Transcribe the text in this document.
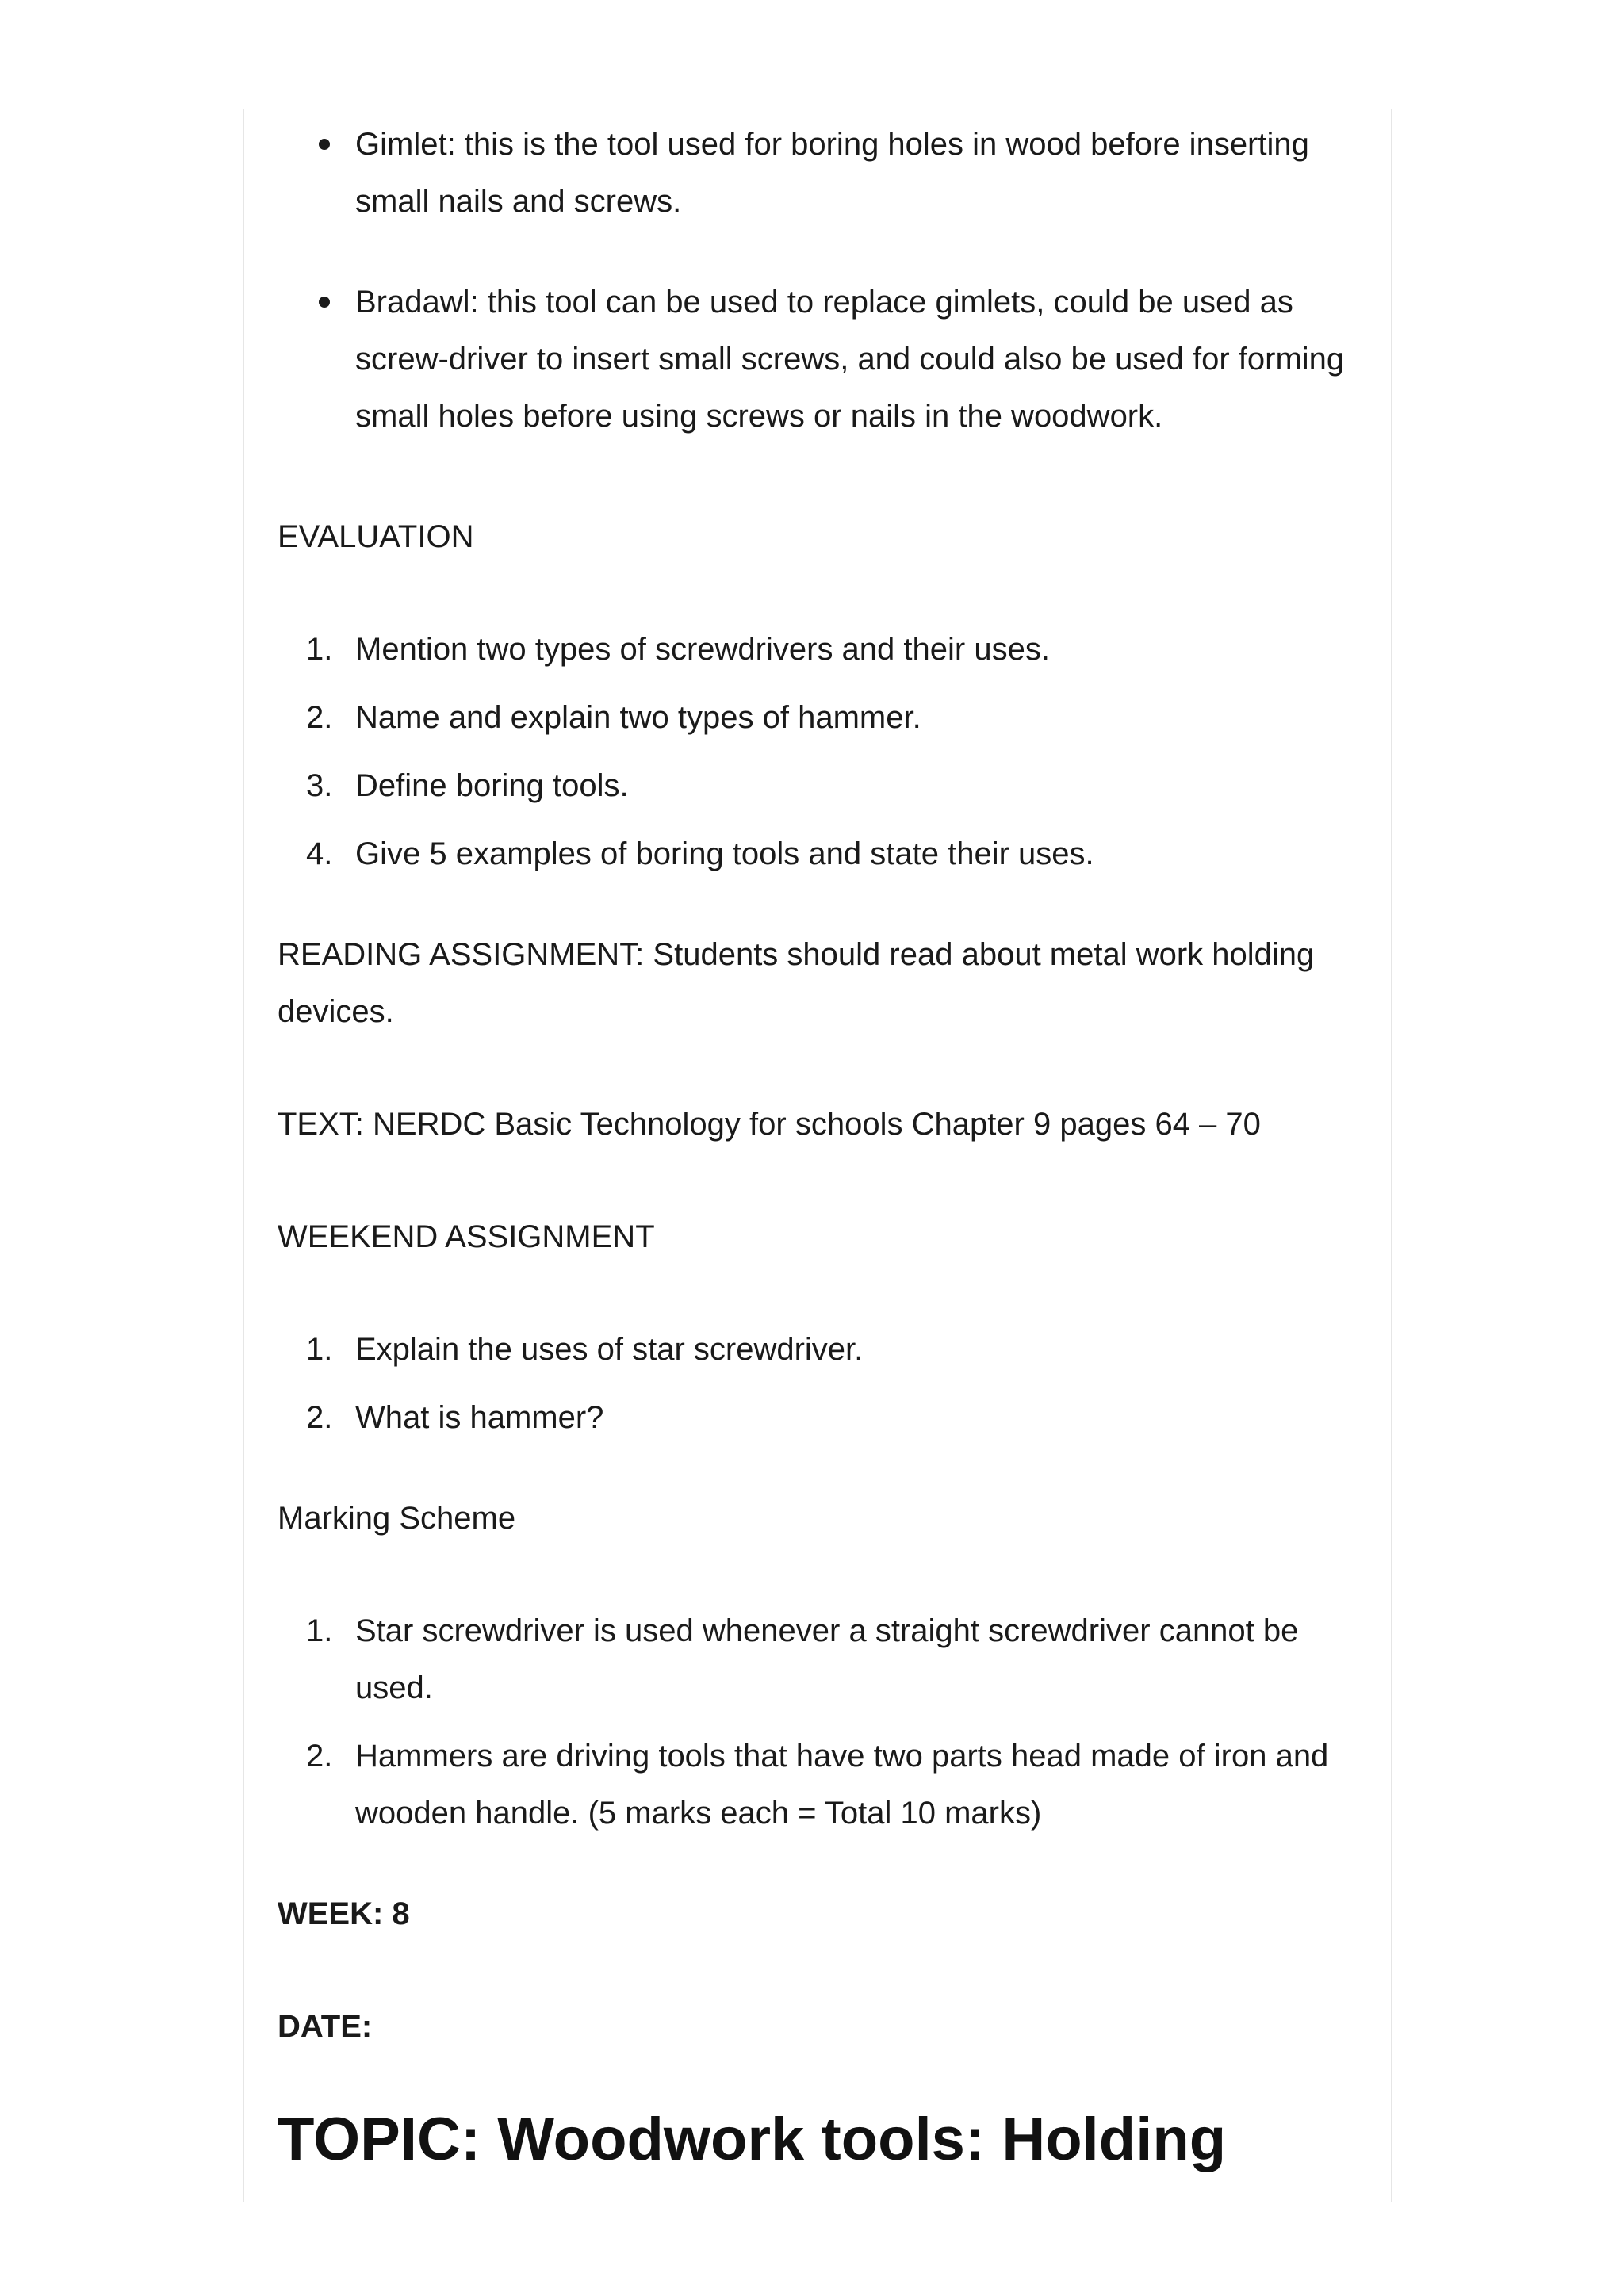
Gimlet: this is the tool used for boring holes in wood before inserting small nails and screws.
Bradawl: this tool can be used to replace gimlets, could be used as screw-driver to insert small screws, and could also be used for forming small holes before using screws or nails in the woodwork.

EVALUATION

Mention two types of screwdrivers and their uses.
Name and explain two types of hammer.
Define boring tools.
Give 5 examples of boring tools and state their uses.

READING ASSIGNMENT: Students should read about metal work holding devices.

TEXT: NERDC Basic Technology for schools Chapter 9 pages 64 – 70

WEEKEND ASSIGNMENT

Explain the uses of star screwdriver.
What is hammer?

Marking Scheme

Star screwdriver is used whenever a straight screwdriver cannot be used.
Hammers are driving tools that have two parts head made of iron and wooden handle. (5 marks each = Total 10 marks)

WEEK: 8

DATE:

TOPIC: Woodwork tools: Holding
